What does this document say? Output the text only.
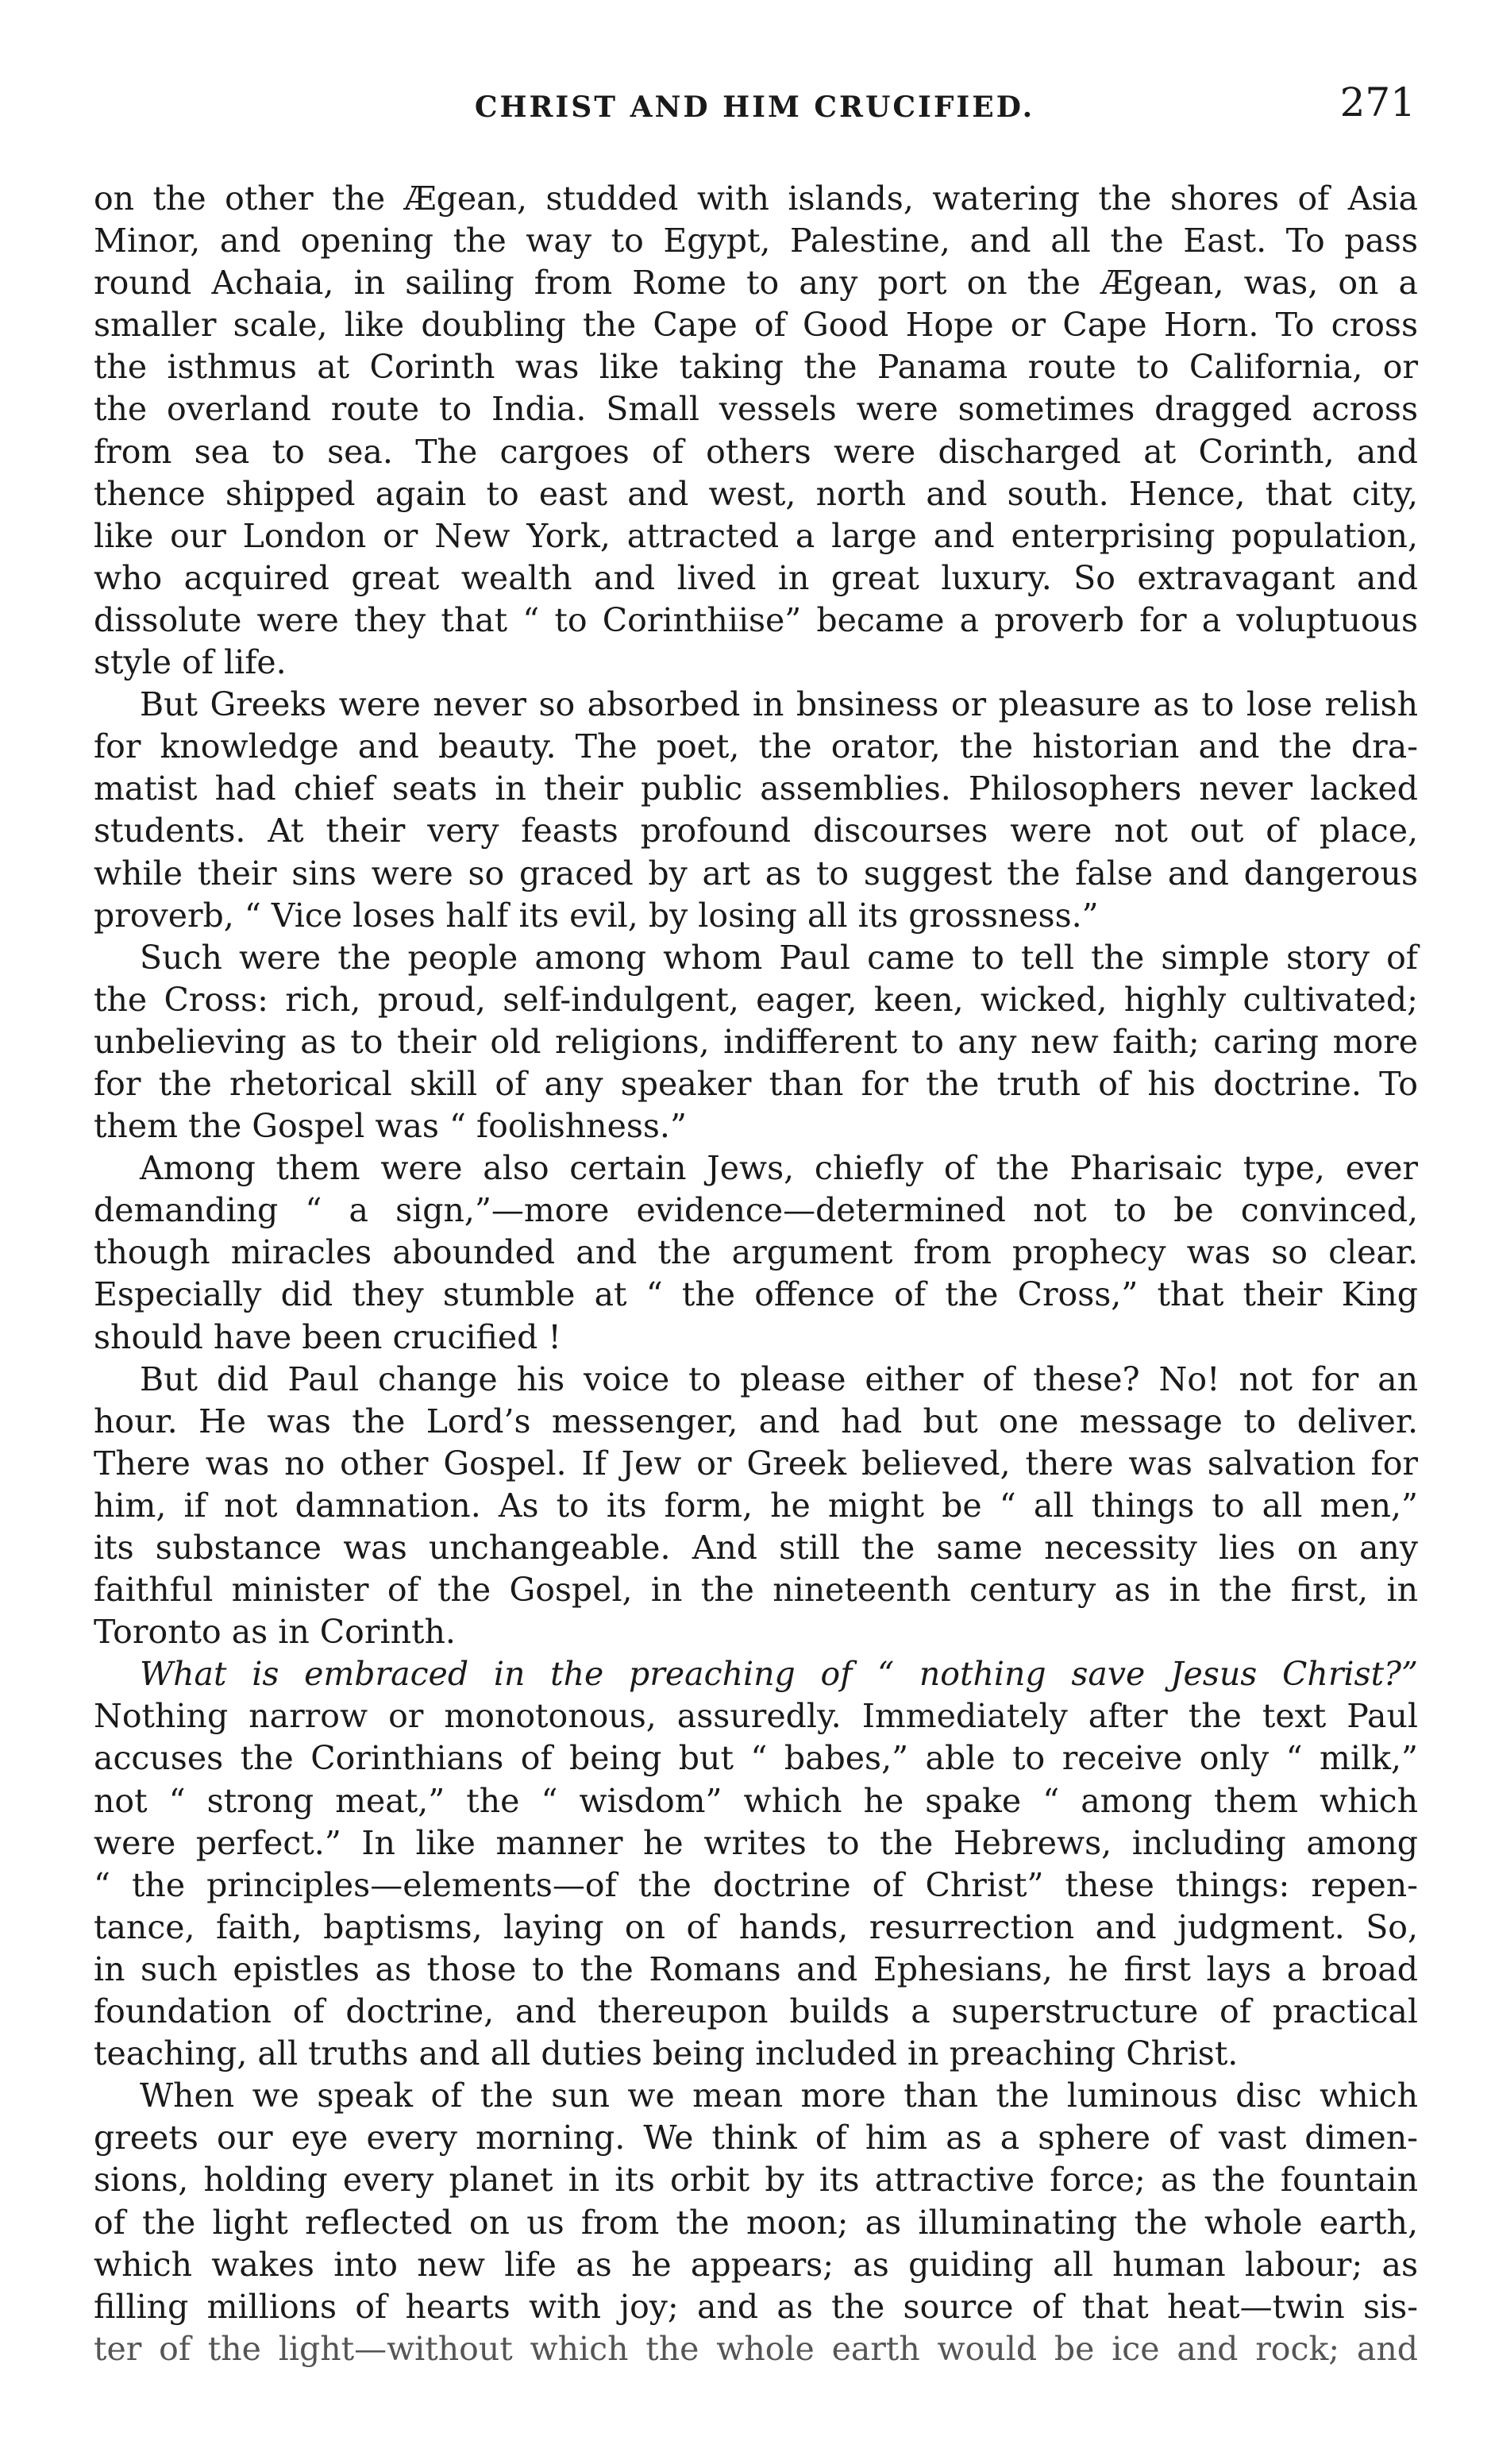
CHRIST AND HIM CRUCIFIED.	271
on the other the Ægean, studded with islands, watering the shores of Asia
Minor, and opening the way to Egypt, Palestine, and all the East. To pass
round Achaia, in sailing from Rome to any port on the Ægean, was, on a
smaller scale, like doubling the Cape of Good Hope or Cape Horn. To cross
the isthmus at Corinth was like taking the Panama route to California, or
the overland route to India. Small vessels were sometimes dragged across
from sea to sea. The cargoes of others were discharged at Corinth, and
thence shipped again to east and west, north and south. Hence, that city,
like our London or New York, attracted a large and enterprising population,
who acquired great wealth and lived in great luxury. So extravagant and
dissolute were they that “ to Corinthiise” became a proverb for a voluptuous
style of life.
But Greeks were never so absorbed in bnsiness or pleasure as to lose relish
for knowledge and beauty. The poet, the orator, the historian and the dra-
matist had chief seats in their public assemblies. Philosophers never lacked
students. At their very feasts profound discourses were not out of place,
while their sins were so graced by art as to suggest the false and dangerous
proverb, “ Vice loses half its evil, by losing all its grossness.”
Such were the people among whom Paul came to tell the simple story of
the Cross: rich, proud, self-indulgent, eager, keen, wicked, highly cultivated;
unbelieving as to their old religions, indifferent to any new faith; caring more
for the rhetorical skill of any speaker than for the truth of his doctrine. To
them the Gospel was “ foolishness.”
Among them were also certain Jews, chiefly of the Pharisaic type, ever
demanding “ a sign,”—more evidence—determined not to be convinced,
though miracles abounded and the argument from prophecy was so clear.
Especially did they stumble at “ the offence of the Cross,” that their King
should have been crucified !
But did Paul change his voice to please either of these? No! not for an
hour. He was the Lord’s messenger, and had but one message to deliver.
There was no other Gospel. If Jew or Greek believed, there was salvation for
him, if not damnation. As to its form, he might be “ all things to all men,”
its substance was unchangeable. And still the same necessity lies on any
faithful minister of the Gospel, in the nineteenth century as in the first, in
Toronto as in Corinth.
What is embraced in the preaching of “ nothing save Jesus Christ?”
Nothing narrow or monotonous, assuredly. Immediately after the text Paul
accuses the Corinthians of being but “ babes,” able to receive only “ milk,”
not “ strong meat,” the “ wisdom” which he spake “ among them which
were perfect.” In like manner he writes to the Hebrews, including among
“ the principles—elements—of the doctrine of Christ” these things: repen-
tance, faith, baptisms, laying on of hands, resurrection and judgment. So,
in such epistles as those to the Romans and Ephesians, he first lays a broad
foundation of doctrine, and thereupon builds a superstructure of practical
teaching, all truths and all duties being included in preaching Christ.
When we speak of the sun we mean more than the luminous disc which
greets our eye every morning. We think of him as a sphere of vast dimen-
sions, holding every planet in its orbit by its attractive force; as the fountain
of the light reflected on us from the moon; as illuminating the whole earth,
which wakes into new life as he appears; as guiding all human labour; as
filling millions of hearts with joy; and as the source of that heat—twin sis-
ter of the light—without which the whole earth would be ice and rock; and
